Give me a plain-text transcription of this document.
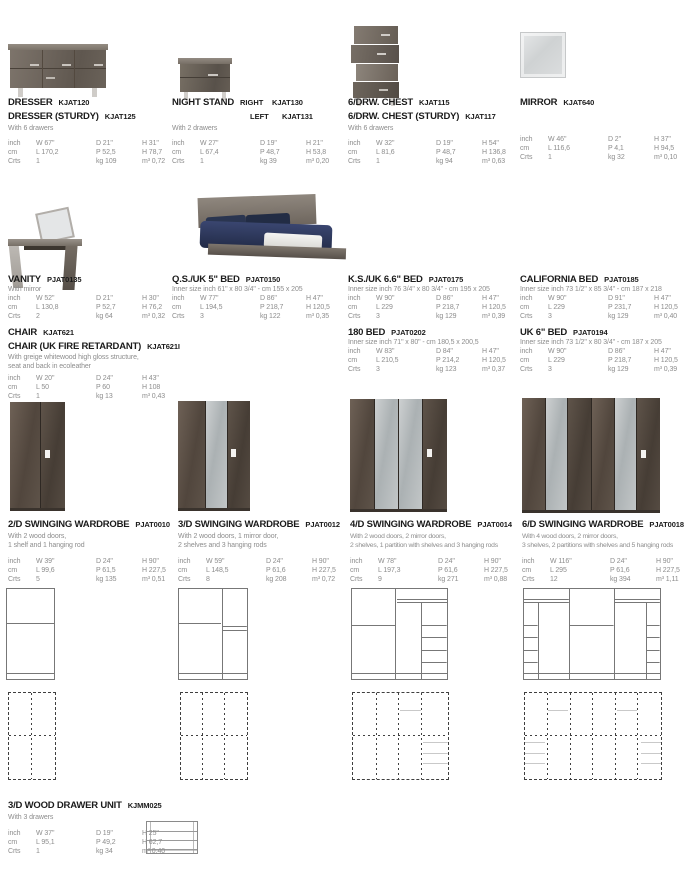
DRESSER KJAT120
DRESSER (STURDY) KJAT125
With 6 drawers
inch	W 67"	D 21"	H 31"
cm	L 170,2	P 52,5	H 78,7
Crts	1	kg 109	m³ 0,72
NIGHT STAND RIGHT KJAT130
LEFT KJAT131
With 2 drawers
inch	W 27"	D 19"	H 21"
cm	L 67,4	P 48,7	H 53,8
Crts	1	kg 39	m³ 0,20
6/DRW. CHEST KJAT115
6/DRW. CHEST (STURDY) KJAT117
With 6 drawers
inch	W 32"	D 19"	H 54"
cm	L 81,6	P 48,7	H 136,8
Crts	1	kg 94	m³ 0,63
MIRROR KJAT640
inch	W 46"	D 2"	H 37"
cm	L 116,6	P 4,1	H 94,5
Crts	1	kg 32	m³ 0,10
VANITY PJAT0135
With mirror
inch	W 52"	D 21"	H 30"
cm	L 130,8	P 52,7	H 76,2
Crts	2	kg 64	m³ 0,32
Q.S./UK 5" BED PJAT0150
Inner size inch 61" x 80 3/4" - cm 155 x 205
inch	W 77"	D 86"	H 47"
cm	L 194,5	P 218,7	H 120,5
Crts	3	kg 122	m³ 0,35
K.S./UK 6.6" BED PJAT0175
Inner size inch 76 3/4" x 80 3/4" - cm 195 x 205
inch	W 90"	D 86"	H 47"
cm	L 229	P 218,7	H 120,5
Crts	3	kg 129	m³ 0,39
CALIFORNIA BED PJAT0185
Inner size inch 73 1/2" x 85 3/4" - cm 187 x 218
inch	W 90"	D 91"	H 47"
cm	L 229	P 231,7	H 120,5
Crts	3	kg 129	m³ 0,40
CHAIR KJAT621
CHAIR (UK FIRE RETARDANT) KJAT621I
With greige whitewood high gloss structure,
seat and back in ecoleather
inch	W 20"	D 24"	H 43"
cm	L 50	P 60	H 108
Crts	1	kg 13	m³ 0,43
180 BED PJAT0202
Inner size inch 71" x 80" - cm 180,5 x 200,5
inch	W 83"	D 84"	H 47"
cm	L 210,5	P 214,2	H 120,5
Crts	3	kg 123	m³ 0,37
UK 6" BED PJAT0194
Inner size inch 73 1/2" x 80 3/4" - cm 187 x 205
inch	W 90"	D 86"	H 47"
cm	L 229	P 218,7	H 120,5
Crts	3	kg 129	m³ 0,39
2/D SWINGING WARDROBE PJAT0010
With 2 wood doors,
1 shelf and 1 hanging rod
inch	W 39"	D 24"	H 90"
cm	L 99,6	P 61,5	H 227,5
Crts	5	kg 135	m³ 0,51
3/D SWINGING WARDROBE PJAT0012
With 2 wood doors, 1 mirror door,
2 shelves and 3 hanging rods
inch	W 59"	D 24"	H 90"
cm	L 148,5	P 61,6	H 227,5
Crts	8	kg 208	m³ 0,72
4/D SWINGING WARDROBE PJAT0014
With 2 wood doors, 2 mirror doors,
2 shelves, 1 partition with shelves and 3 hanging rods
inch	W 78"	D 24"	H 90"
cm	L 197,3	P 61,6	H 227,5
Crts	9	kg 271	m³ 0,88
6/D SWINGING WARDROBE PJAT0018
With 4 wood doors, 2 mirror doors,
3 shelves, 2 partitions with shelves and 5 hanging rods
inch	W 116"	D 24"	H 90"
cm	L 295	P 61,6	H 227,5
Crts	12	kg 394	m³ 1,11
3/D WOOD DRAWER UNIT KJMM025
With 3 drawers
inch	W 37"	D 19"	H 25"
cm	L 95,1	P 49,2	H 62,7
Crts	1	kg 34	m³ 0,40
